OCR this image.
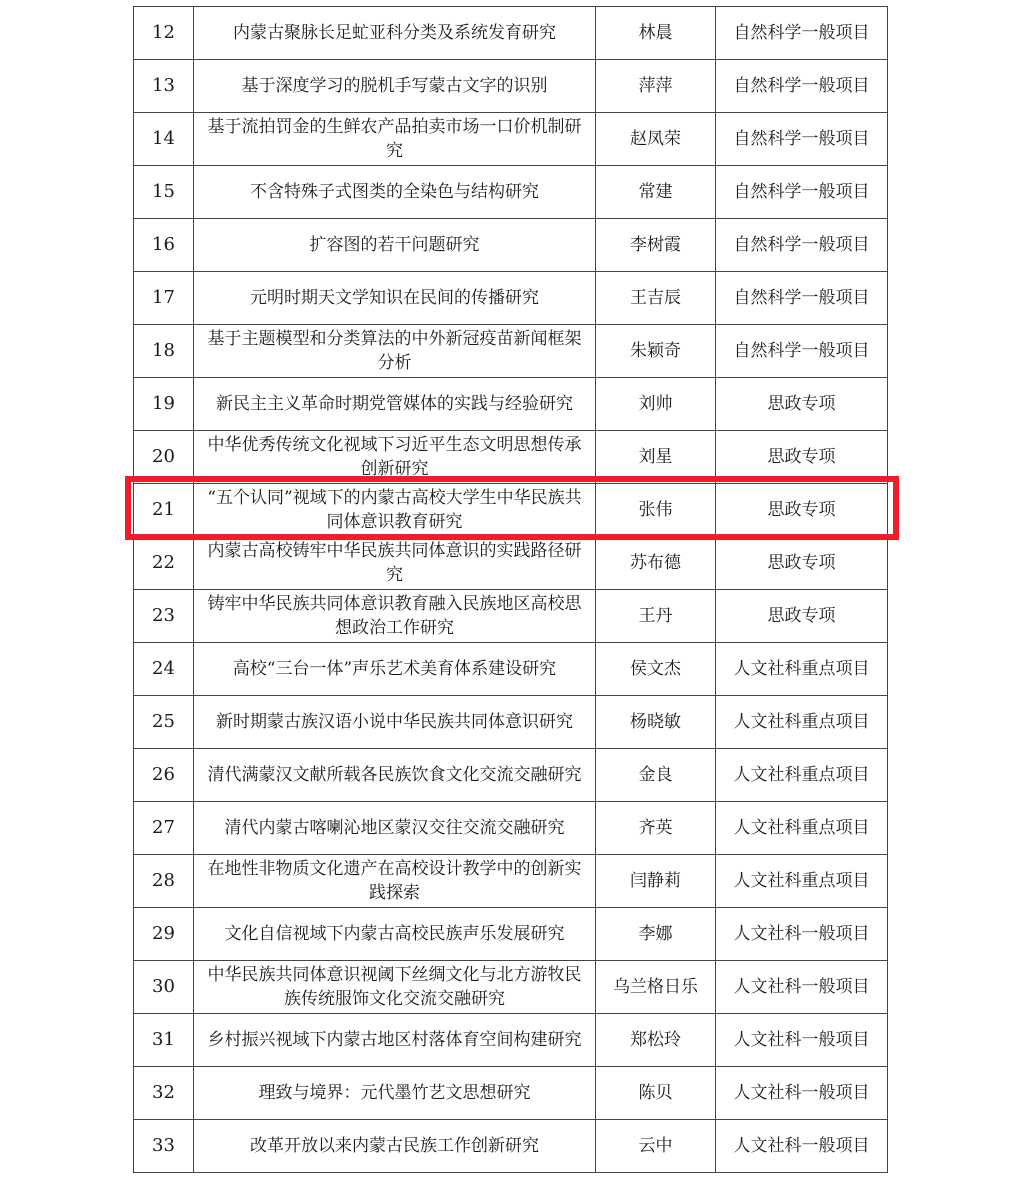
12	内蒙古聚脉长足虻亚科分类及系统发育研究	林晨	自然科学一般项目
13	基于深度学习的脱机手写蒙古文字的识别	萍萍	自然科学一般项目
14	基于流拍罚金的生鲜农产品拍卖市场一口价机制研究	赵凤荣	自然科学一般项目
15	不含特殊子式图类的全染色与结构研究	常建	自然科学一般项目
16	扩容图的若干问题研究	李树霞	自然科学一般项目
17	元明时期天文学知识在民间的传播研究	王吉辰	自然科学一般项目
18	基于主题模型和分类算法的中外新冠疫苗新闻框架分析	朱颖奇	自然科学一般项目
19	新民主主义革命时期党管媒体的实践与经验研究	刘帅	思政专项
20	中华优秀传统文化视域下习近平生态文明思想传承创新研究	刘星	思政专项
21	“五个认同”视域下的内蒙古高校大学生中华民族共同体意识教育研究	张伟	思政专项
22	内蒙古高校铸牢中华民族共同体意识的实践路径研究	苏布德	思政专项
23	铸牢中华民族共同体意识教育融入民族地区高校思想政治工作研究	王丹	思政专项
24	高校“三台一体”声乐艺术美育体系建设研究	侯文杰	人文社科重点项目
25	新时期蒙古族汉语小说中华民族共同体意识研究	杨晓敏	人文社科重点项目
26	清代满蒙汉文献所载各民族饮食文化交流交融研究	金良	人文社科重点项目
27	清代内蒙古喀喇沁地区蒙汉交往交流交融研究	齐英	人文社科重点项目
28	在地性非物质文化遗产在高校设计教学中的创新实践探索	闫静莉	人文社科重点项目
29	文化自信视域下内蒙古高校民族声乐发展研究	李娜	人文社科一般项目
30	中华民族共同体意识视阈下丝绸文化与北方游牧民族传统服饰文化交流交融研究	乌兰格日乐	人文社科一般项目
31	乡村振兴视域下内蒙古地区村落体育空间构建研究	郑松玲	人文社科一般项目
32	理致与境界：元代墨竹艺文思想研究	陈贝	人文社科一般项目
33	改革开放以来内蒙古民族工作创新研究	云中	人文社科一般项目
